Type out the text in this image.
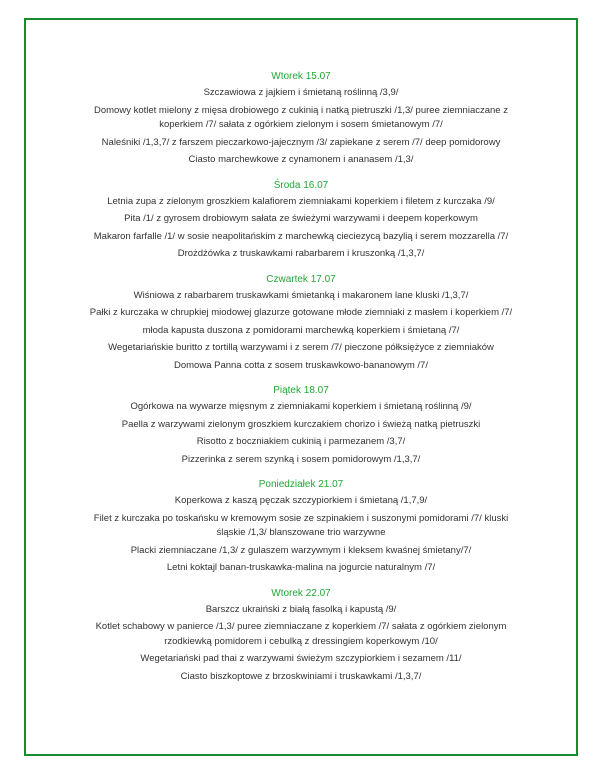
Wtorek 15.07
Szczawiowa z jajkiem i śmietaną roślinną /3,9/
Domowy kotlet mielony z mięsa drobiowego z cukinią i natką pietruszki /1,3/ puree ziemniaczane z koperkiem /7/ sałata z ogórkiem zielonym i sosem śmietanowym /7/
Naleśniki /1,3,7/ z farszem pieczarkowo-jajecznym /3/ zapiekane z serem /7/ deep pomidorowy
Ciasto marchewkowe z cynamonem i ananasem /1,3/
Środa 16.07
Letnia zupa z zielonym groszkiem kalafiorem ziemniakami koperkiem i filetem z kurczaka /9/
Pita /1/ z gyrosem drobiowym sałata ze świeżymi warzywami i deepem koperkowym
Makaron farfalle /1/ w sosie neapolitańskim z marchewką cieciezycą bazylią i serem mozzarella /7/
Drożdżówka z truskawkami rabarbarem i kruszonką /1,3,7/
Czwartek 17.07
Wiśniowa z rabarbarem truskawkami śmietanką i makaronem lane kluski /1,3,7/
Pałki z kurczaka w chrupkiej miodowej glazurze gotowane młode ziemniaki z masłem i koperkiem /7/
młoda kapusta duszona z pomidorami marchewką koperkiem i śmietaną /7/
Wegetariańskie buritto z tortillą warzywami i z serem /7/ pieczone półksiężyce z ziemniaków
Domowa Panna cotta z sosem truskawkowo-bananowym /7/
Piątek 18.07
Ogórkowa na wywarze mięsnym z ziemniakami koperkiem i śmietaną roślinną /9/
Paella z warzywami zielonym groszkiem kurczakiem chorizo i świeżą natką pietruszki
Risotto z boczniakiem cukinią i parmezanem /3,7/
Pizzerinka z serem szynką i sosem pomidorowym /1,3,7/
Poniedziałek 21.07
Koperkowa z kaszą pęczak szczypiorkiem i śmietaną /1,7,9/
Filet z kurczaka po toskańsku w kremowym sosie ze szpinakiem i suszonymi pomidorami /7/ kluski śląskie /1,3/ blanszowane trio warzywne
Placki ziemniaczane /1,3/ z gulaszem warzywnym i kleksem kwaśnej śmietany/7/
Letni koktajl banan-truskawka-malina na jogurcie naturalnym /7/
Wtorek 22.07
Barszcz ukraiński z białą fasolką i kapustą /9/
Kotlet schabowy w panierce /1,3/ puree ziemniaczane z koperkiem /7/ sałata z ogórkiem zielonym rzodkiewką pomidorem i cebulką z dressingiem koperkowym /10/
Wegetariański pad thai z warzywami świeżym szczypiorkiem i sezamem /11/
Ciasto biszkoptowe z brzoskwiniami i truskawkami /1,3,7/
